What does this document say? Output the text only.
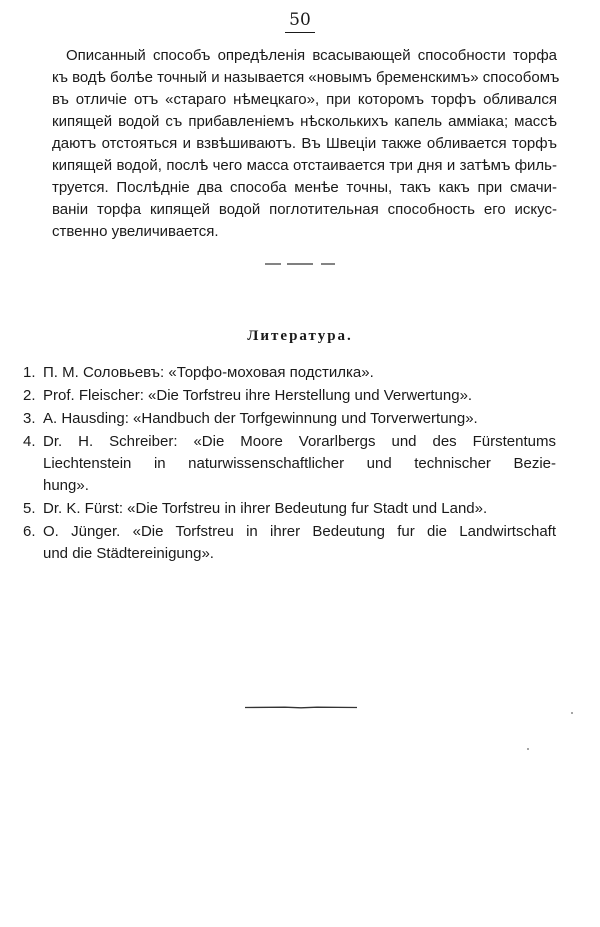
50
Описанный способъ опредѣленія всасывающей способности торфа
къ водѣ болѣе точный и называется «новымъ бременскимъ» способомъ
въ отличіе отъ «стараго нѣмецкаго», при которомъ торфъ обливался
кипящей водой съ прибавленіемъ нѣсколькихъ капель амміака; массѣ
даютъ отстояться и взвѣшиваютъ. Въ Швеціи также обливается торфъ
кипящей водой, послѣ чего масса отстаивается три дня и затѣмъ филь-
труется. Послѣдніе два способа менѣе точны, такъ какъ при смачи-
ваніи торфа кипящей водой поглотительная способность его искус-
ственно увеличивается.
Литература.
1. П. М. Соловьевъ: «Торфо-моховая подстилка».
2. Prof. Fleischer: «Die Torfstreu ihre Herstellung und Verwertung».
3. A. Hausding: «Handbuch der Torfgewinnung und Torverwertung».
4. Dr. H. Schreiber: «Die Moore Vorarlbergs und des Fürstentums
Liechtenstein in naturwissenschaftlicher und technischer Bezie-
hung».
5. Dr. K. Fürst: «Die Torfstreu in ihrer Bedeutung fur Stadt und Land».
6. O. Jünger. «Die Torfstreu in ihrer Bedeutung fur die Landwirtschaft
und die Städtereinigung».
